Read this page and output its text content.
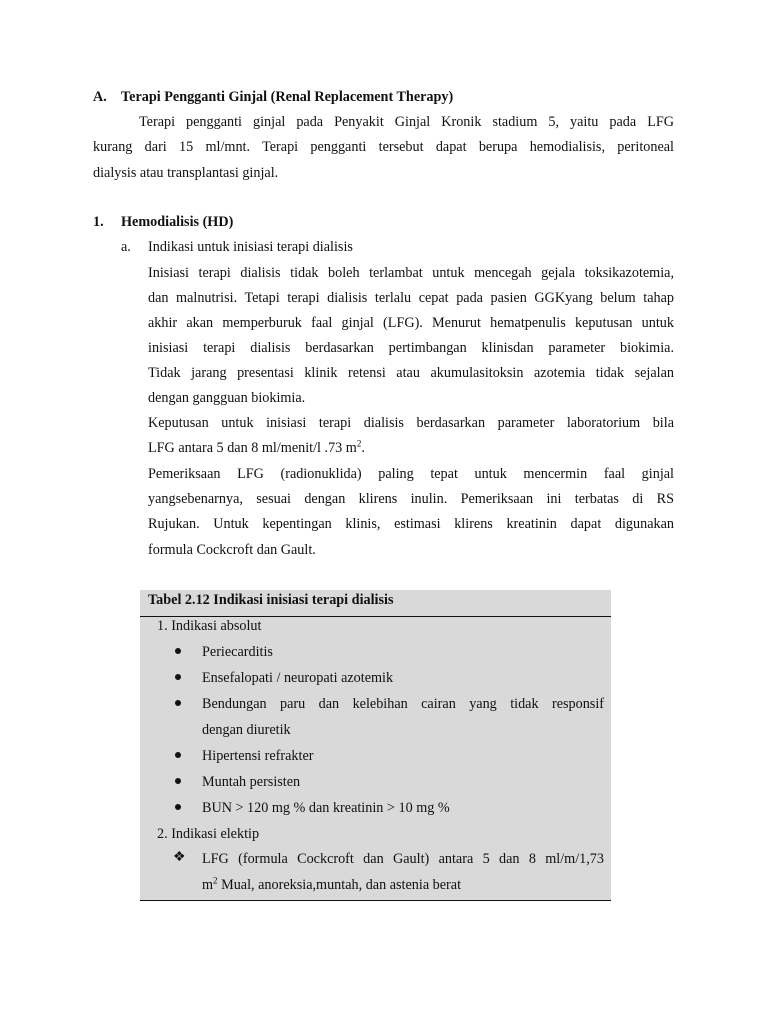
A. Terapi Pengganti Ginjal (Renal Replacement Therapy)
Terapi pengganti ginjal pada Penyakit Ginjal Kronik stadium 5, yaitu pada LFG
kurang dari 15 ml/mnt. Terapi pengganti tersebut dapat berupa hemodialisis, peritoneal
dialysis atau transplantasi ginjal.
1. Hemodialisis (HD)
a. Indikasi untuk inisiasi terapi dialisis
Inisiasi terapi dialisis tidak boleh terlambat untuk mencegah gejala toksikazotemia,
dan malnutrisi. Tetapi terapi dialisis terlalu cepat pada pasien GGKyang belum tahap
akhir akan memperburuk faal ginjal (LFG). Menurut hematpenulis keputusan untuk
inisiasi terapi dialisis berdasarkan pertimbangan klinisdan parameter biokimia.
Tidak jarang presentasi klinik retensi atau akumulasitoksin azotemia tidak sejalan
dengan gangguan biokimia.
Keputusan untuk inisiasi terapi dialisis berdasarkan parameter laboratorium bila
LFG antara 5 dan 8 ml/menit/l .73 $m^2$.
Pemeriksaan LFG (radionuklida) paling tepat untuk mencermin faal ginjal
yangsebenarnya, sesuai dengan klirens inulin. Pemeriksaan ini terbatas di RS
Rujukan. Untuk kepentingan klinis, estimasi klirens kreatinin dapat digunakan
formula Cockcroft dan Gault.
Tabel 2.12 Indikasi inisiasi terapi dialisis
1. Indikasi absolut
Periecarditis
Ensefalopati / neuropati azotemik
Bendungan paru dan kelebihan cairan yang tidak responsif
dengan diuretik
Hipertensi refrakter
Muntah persisten
BUN > 120 mg % dan kreatinin > 10 mg %
2. Indikasi elektip
❖ LFG (formula Cockcroft dan Gault) antara 5 dan 8 ml/m/1,73
$m^2$ Mual, anoreksia,muntah, dan astenia berat
